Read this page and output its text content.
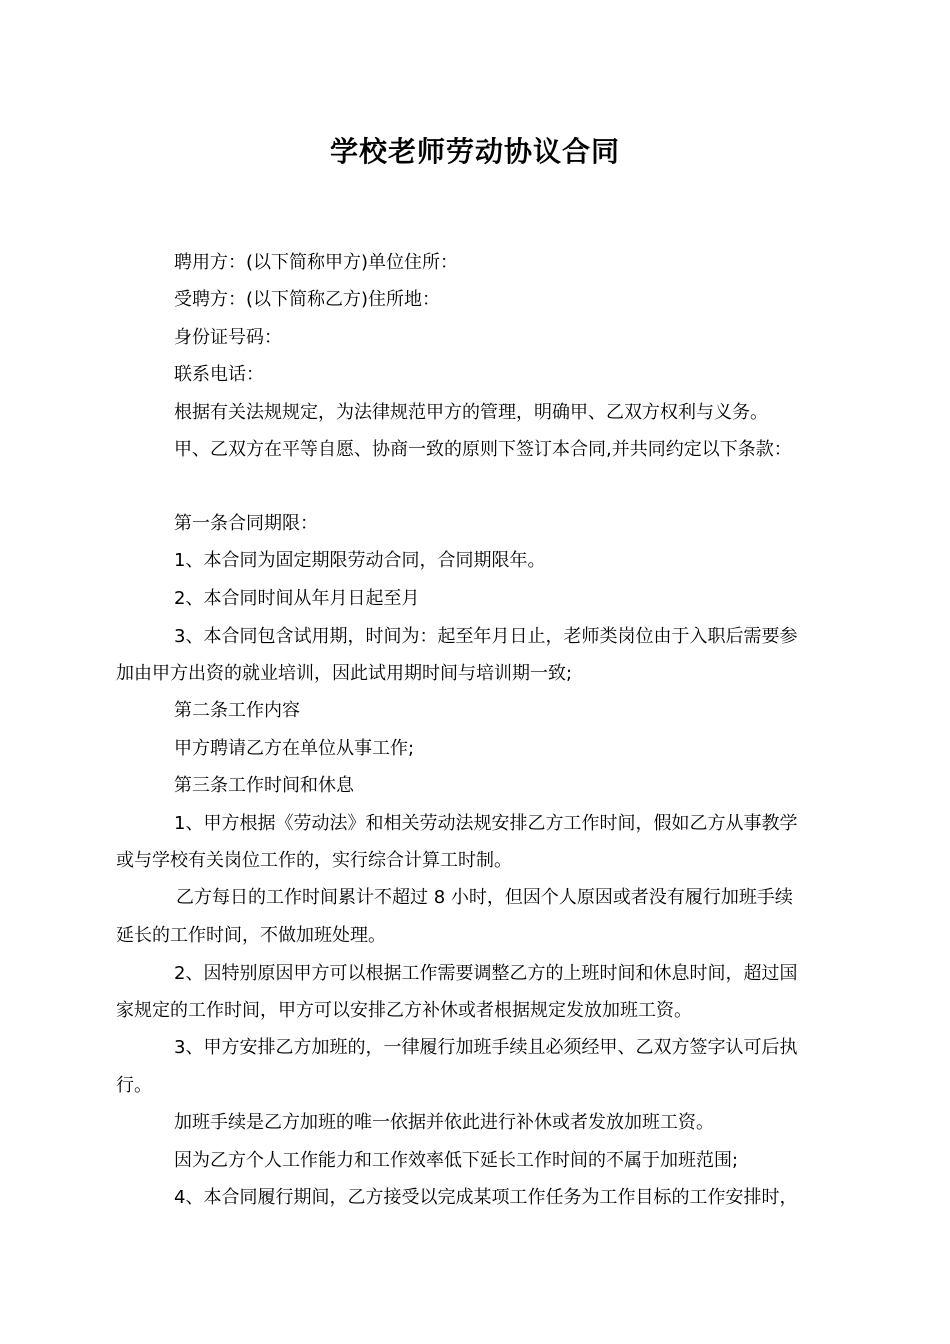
学校老师劳动协议合同
聘用方：(以下简称甲方)单位住所：
受聘方：(以下简称乙方)住所地：
身份证号码：
联系电话：
根据有关法规规定，为法律规范甲方的管理，明确甲、乙双方权利与义务。
甲、乙双方在平等自愿、协商一致的原则下签订本合同,并共同约定以下条款：
第一条合同期限：
1、本合同为固定期限劳动合同，合同期限年。
2、本合同时间从年月日起至月
3、本合同包含试用期，时间为：起至年月日止，老师类岗位由于入职后需要参
加由甲方出资的就业培训，因此试用期时间与培训期一致;
第二条工作内容
甲方聘请乙方在单位从事工作;
第三条工作时间和休息
1、甲方根据《劳动法》和相关劳动法规安排乙方工作时间，假如乙方从事教学
或与学校有关岗位工作的，实行综合计算工时制。
乙方每日的工作时间累计不超过 8 小时，但因个人原因或者没有履行加班手续
延长的工作时间，不做加班处理。
2、因特别原因甲方可以根据工作需要调整乙方的上班时间和休息时间，超过国
家规定的工作时间，甲方可以安排乙方补休或者根据规定发放加班工资。
3、甲方安排乙方加班的，一律履行加班手续且必须经甲、乙双方签字认可后执
行。
加班手续是乙方加班的唯一依据并依此进行补休或者发放加班工资。
因为乙方个人工作能力和工作效率低下延长工作时间的不属于加班范围;
4、本合同履行期间，乙方接受以完成某项工作任务为工作目标的工作安排时，
